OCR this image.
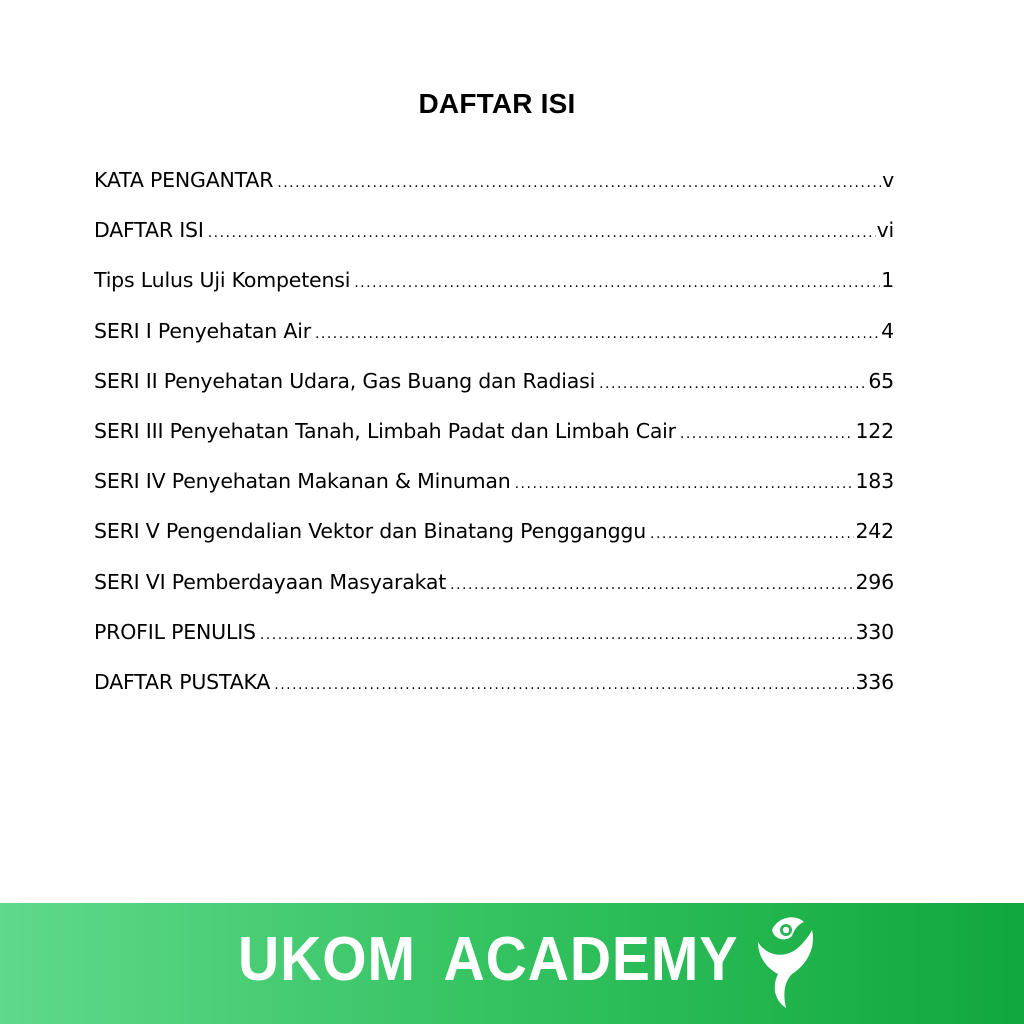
DAFTAR ISI
KATA PENGANTAR .....	v
DAFTAR ISI .....	vi
Tips Lulus Uji Kompetensi .....	1
SERI I Penyehatan Air .....	4
SERI II Penyehatan Udara, Gas Buang dan Radiasi .....	65
SERI III Penyehatan Tanah, Limbah Padat dan Limbah Cair .....	122
SERI IV Penyehatan Makanan & Minuman .....	183
SERI V Pengendalian Vektor dan Binatang Pengganggu .....	242
SERI VI Pemberdayaan Masyarakat .....	296
PROFIL PENULIS .....	330
DAFTAR PUSTAKA .....	336
UKOM ACADEMY
